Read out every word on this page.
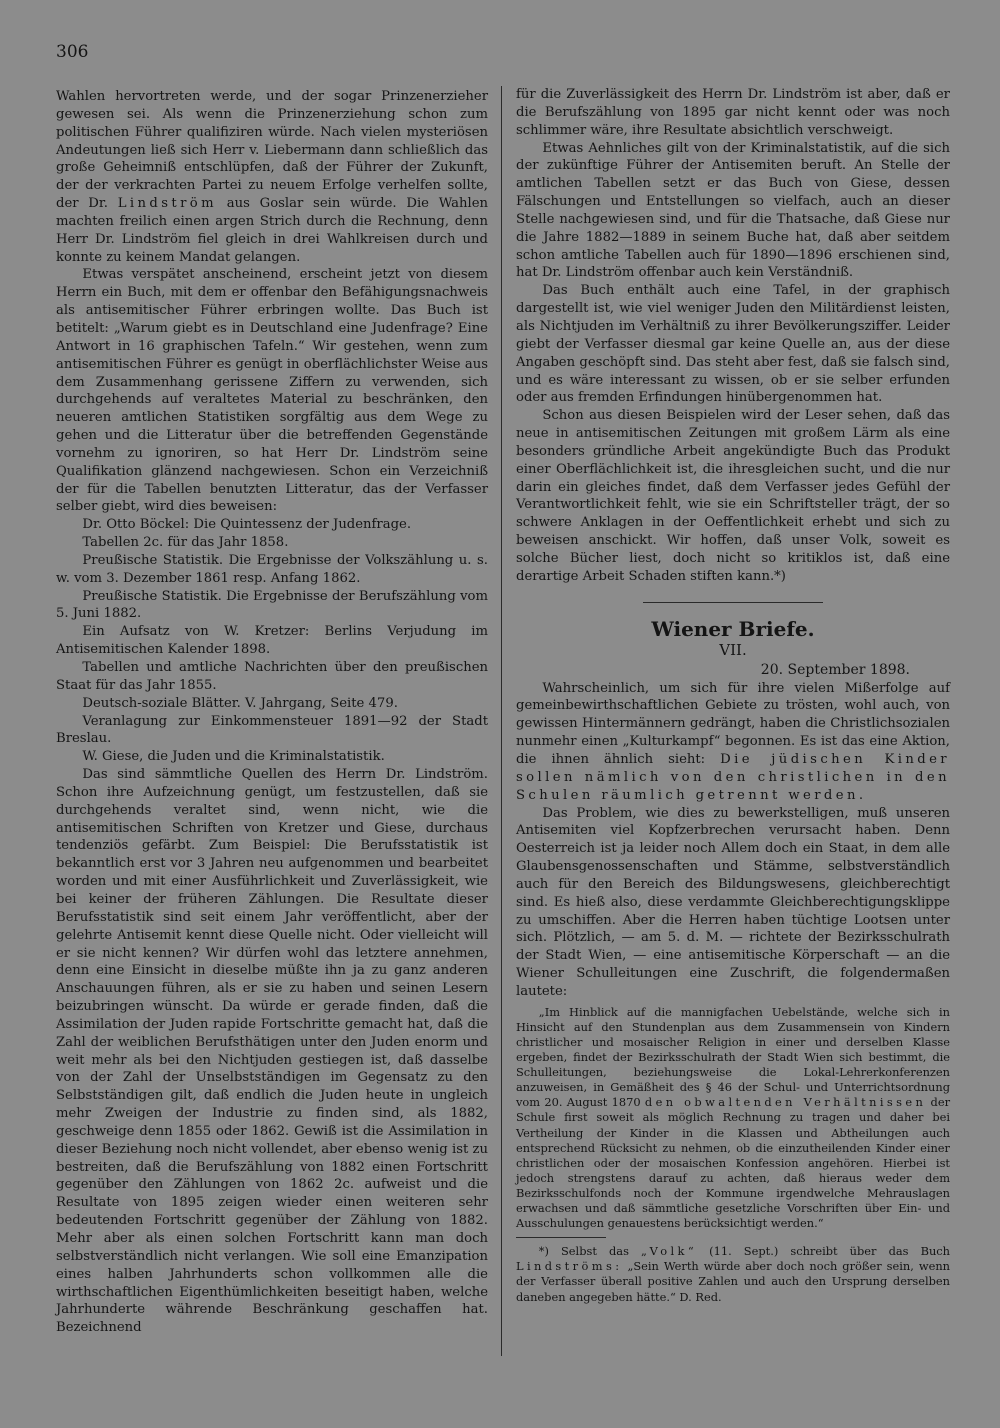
306

Wahlen hervortreten werde, und der sogar Prinzenerzieher gewesen sei. Als wenn die Prinzenerziehung schon zum politischen Führer qualifiziren würde. Nach vielen mysteriösen Andeutungen ließ sich Herr v. Liebermann dann schließlich das große Geheimniß entschlüpfen, daß der Führer der Zukunft, der der verkrachten Partei zu neuem Erfolge verhelfen sollte, der Dr. Lindström aus Goslar sein würde. Die Wahlen machten freilich einen argen Strich durch die Rechnung, denn Herr Dr. Lindström fiel gleich in drei Wahlkreisen durch und konnte zu keinem Mandat gelangen.

Etwas verspätet anscheinend, erscheint jetzt von diesem Herrn ein Buch, mit dem er offenbar den Befähigungsnachweis als antisemitischer Führer erbringen wollte. Das Buch ist betitelt: „Warum giebt es in Deutschland eine Judenfrage? Eine Antwort in 16 graphischen Tafeln.“ Wir gestehen, wenn zum antisemitischen Führer es genügt in oberflächlichster Weise aus dem Zusammenhang gerissene Ziffern zu verwenden, sich durchgehends auf veraltetes Material zu beschränken, den neueren amtlichen Statistiken sorgfältig aus dem Wege zu gehen und die Litteratur über die betreffenden Gegenstände vornehm zu ignoriren, so hat Herr Dr. Lindström seine Qualifikation glänzend nachgewiesen. Schon ein Verzeichniß der für die Tabellen benutzten Litteratur, das der Verfasser selber giebt, wird dies beweisen:

Dr. Otto Böckel: Die Quintessenz der Judenfrage.

Tabellen 2c. für das Jahr 1858.

Preußische Statistik. Die Ergebnisse der Volkszählung u. s. w. vom 3. Dezember 1861 resp. Anfang 1862.

Preußische Statistik. Die Ergebnisse der Berufszählung vom 5. Juni 1882.

Ein Aufsatz von W. Kretzer: Berlins Verjudung im Antisemitischen Kalender 1898.

Tabellen und amtliche Nachrichten über den preußischen Staat für das Jahr 1855.

Deutsch-soziale Blätter. V. Jahrgang, Seite 479.

Veranlagung zur Einkommensteuer 1891—92 der Stadt Breslau.

W. Giese, die Juden und die Kriminalstatistik.

Das sind sämmtliche Quellen des Herrn Dr. Lindström. Schon ihre Aufzeichnung genügt, um festzustellen, daß sie durchgehends veraltet sind, wenn nicht, wie die antisemitischen Schriften von Kretzer und Giese, durchaus tendenziös gefärbt. Zum Beispiel: Die Berufsstatistik ist bekanntlich erst vor 3 Jahren neu aufgenommen und bearbeitet worden und mit einer Ausführlichkeit und Zuverlässigkeit, wie bei keiner der früheren Zählungen. Die Resultate dieser Berufsstatistik sind seit einem Jahr veröffentlicht, aber der gelehrte Antisemit kennt diese Quelle nicht. Oder vielleicht will er sie nicht kennen? Wir dürfen wohl das letztere annehmen, denn eine Einsicht in dieselbe müßte ihn ja zu ganz anderen Anschauungen führen, als er sie zu haben und seinen Lesern beizubringen wünscht. Da würde er gerade finden, daß die Assimilation der Juden rapide Fortschritte gemacht hat, daß die Zahl der weiblichen Berufsthätigen unter den Juden enorm und weit mehr als bei den Nichtjuden gestiegen ist, daß dasselbe von der Zahl der Unselbstständigen im Gegensatz zu den Selbstständigen gilt, daß endlich die Juden heute in ungleich mehr Zweigen der Industrie zu finden sind, als 1882, geschweige denn 1855 oder 1862. Gewiß ist die Assimilation in dieser Beziehung noch nicht vollendet, aber ebenso wenig ist zu bestreiten, daß die Berufszählung von 1882 einen Fortschritt gegenüber den Zählungen von 1862 2c. aufweist und die Resultate von 1895 zeigen wieder einen weiteren sehr bedeutenden Fortschritt gegenüber der Zählung von 1882. Mehr aber als einen solchen Fortschritt kann man doch selbstverständlich nicht verlangen. Wie soll eine Emanzipation eines halben Jahrhunderts schon vollkommen alle die wirthschaftlichen Eigenthümlichkeiten beseitigt haben, welche Jahrhunderte währende Beschränkung geschaffen hat. Bezeichnend

für die Zuverlässigkeit des Herrn Dr. Lindström ist aber, daß er die Berufszählung von 1895 gar nicht kennt oder was noch schlimmer wäre, ihre Resultate absichtlich verschweigt.

Etwas Aehnliches gilt von der Kriminalstatistik, auf die sich der zukünftige Führer der Antisemiten beruft. An Stelle der amtlichen Tabellen setzt er das Buch von Giese, dessen Fälschungen und Entstellungen so vielfach, auch an dieser Stelle nachgewiesen sind, und für die Thatsache, daß Giese nur die Jahre 1882—1889 in seinem Buche hat, daß aber seitdem schon amtliche Tabellen auch für 1890—1896 erschienen sind, hat Dr. Lindström offenbar auch kein Verständniß.

Das Buch enthält auch eine Tafel, in der graphisch dargestellt ist, wie viel weniger Juden den Militärdienst leisten, als Nichtjuden im Verhältniß zu ihrer Bevölkerungsziffer. Leider giebt der Verfasser diesmal gar keine Quelle an, aus der diese Angaben geschöpft sind. Das steht aber fest, daß sie falsch sind, und es wäre interessant zu wissen, ob er sie selber erfunden oder aus fremden Erfindungen hinübergenommen hat.

Schon aus diesen Beispielen wird der Leser sehen, daß das neue in antisemitischen Zeitungen mit großem Lärm als eine besonders gründliche Arbeit angekündigte Buch das Produkt einer Oberflächlichkeit ist, die ihresgleichen sucht, und die nur darin ein gleiches findet, daß dem Verfasser jedes Gefühl der Verantwortlichkeit fehlt, wie sie ein Schriftsteller trägt, der so schwere Anklagen in der Oeffentlichkeit erhebt und sich zu beweisen anschickt. Wir hoffen, daß unser Volk, soweit es solche Bücher liest, doch nicht so kritiklos ist, daß eine derartige Arbeit Schaden stiften kann.*)

Wiener Briefe.

VII.

20. September 1898.

Wahrscheinlich, um sich für ihre vielen Mißerfolge auf gemeinbewirthschaftlichen Gebiete zu trösten, wohl auch, von gewissen Hintermännern gedrängt, haben die Christlichsozialen nunmehr einen „Kulturkampf“ begonnen. Es ist das eine Aktion, die ihnen ähnlich sieht: Die jüdischen Kinder sollen nämlich von den christlichen in den Schulen räumlich getrennt werden.

Das Problem, wie dies zu bewerkstelligen, muß unseren Antisemiten viel Kopfzerbrechen verursacht haben. Denn Oesterreich ist ja leider noch Allem doch ein Staat, in dem alle Glaubensgenossenschaften und Stämme, selbstverständlich auch für den Bereich des Bildungswesens, gleichberechtigt sind. Es hieß also, diese verdammte Gleichberechtigungsklippe zu umschiffen. Aber die Herren haben tüchtige Lootsen unter sich. Plötzlich, — am 5. d. M. — richtete der Bezirksschulrath der Stadt Wien, — eine antisemitische Körperschaft — an die Wiener Schulleitungen eine Zuschrift, die folgendermaßen lautete:

„Im Hinblick auf die mannigfachen Uebelstände, welche sich in Hinsicht auf den Stundenplan aus dem Zusammensein von Kindern christlicher und mosaischer Religion in einer und derselben Klasse ergeben, findet der Bezirksschulrath der Stadt Wien sich bestimmt, die Schulleitungen, beziehungsweise die Lokal-Lehrerkonferenzen anzuweisen, in Gemäßheit des § 46 der Schul- und Unterrichtsordnung vom 20. August 1870 den obwaltenden Verhältnissen der Schule first soweit als möglich Rechnung zu tragen und daher bei Vertheilung der Kinder in die Klassen und Abtheilungen auch entsprechend Rücksicht zu nehmen, ob die einzutheilenden Kinder einer christlichen oder der mosaischen Konfession angehören. Hierbei ist jedoch strengstens darauf zu achten, daß hieraus weder dem Bezirksschulfonds noch der Kommune irgendwelche Mehrauslagen erwachsen und daß sämmtliche gesetzliche Vorschriften über Ein- und Ausschulungen genauestens berücksichtigt werden.“

*) Selbst das „Volk“ (11. Sept.) schreibt über das Buch Lindströms: „Sein Werth würde aber doch noch größer sein, wenn der Verfasser überall positive Zahlen und auch den Ursprung derselben daneben angegeben hätte.“ D. Red.
